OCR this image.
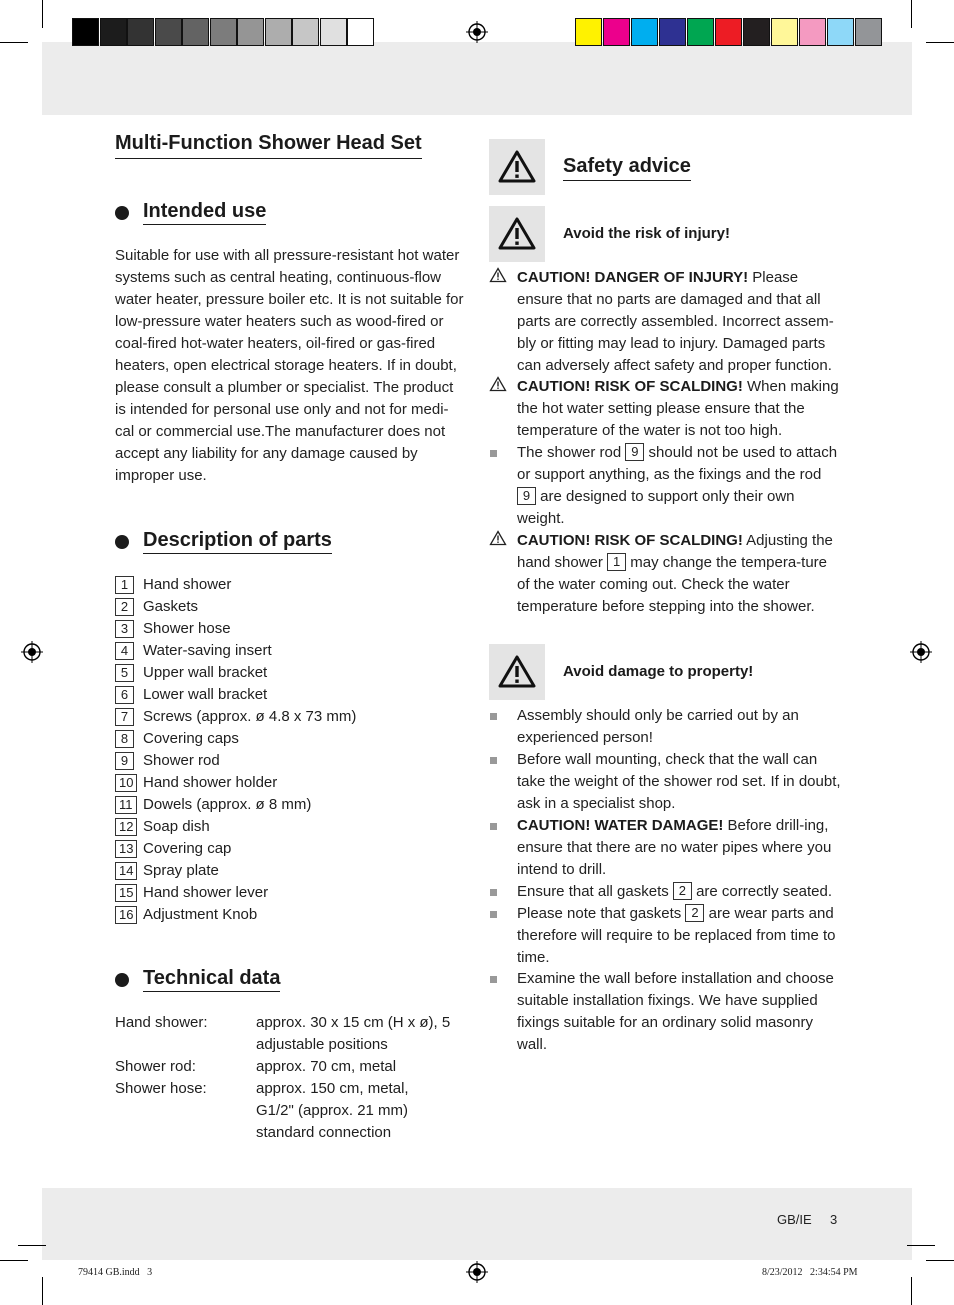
Multi-Function Shower Head Set
Intended use

Suitable for use with all pressure-resistant hot water systems such as central heating, continuous-flow water heater, pressure boiler etc. It is not suitable for low-pressure water heaters such as wood-fired or coal-fired hot-water heaters, oil-fired or gas-fired heaters, open electrical storage heaters. If in doubt, please consult a plumber or specialist. The product is intended for personal use only and not for medi-cal or commercial use.The manufacturer does not accept any liability for any damage caused by improper use.

Description of parts
1 Hand shower
2 Gaskets
3 Shower hose
4 Water-saving insert
5 Upper wall bracket
6 Lower wall bracket
7 Screws (approx. ø 4.8 x 73 mm)
8 Covering caps
9 Shower rod
10 Hand shower holder
11 Dowels (approx. ø 8 mm)
12 Soap dish
13 Covering cap
14 Spray plate
15 Hand shower lever
16 Adjustment Knob
Technical data
Hand shower:	approx. 30 x 15 cm (H x ø), 5 adjustable positions
Shower rod:	approx. 70 cm, metal
Shower hose:	approx. 150 cm, metal, G1/2" (approx. 21 mm) standard connection
Safety advice
Avoid the risk of injury!
CAUTION! DANGER OF INJURY! Please ensure that no parts are damaged and that all parts are correctly assembled. Incorrect assem-bly or fitting may lead to injury. Damaged parts can adversely affect safety and proper function.
CAUTION! RISK OF SCALDING! When making the hot water setting please ensure that the temperature of the water is not too high.
The shower rod 9 should not be used to attach or support anything, as the fixings and the rod 9 are designed to support only their own weight.
CAUTION! RISK OF SCALDING! Adjusting the hand shower 1 may change the tempera-ture of the water coming out. Check the water temperature before stepping into the shower.
Avoid damage to property!
Assembly should only be carried out by an experienced person!
Before wall mounting, check that the wall can take the weight of the shower rod set. If in doubt, ask in a specialist shop.
CAUTION! WATER DAMAGE! Before drill-ing, ensure that there are no water pipes where you intend to drill.
Ensure that all gaskets 2 are correctly seated.
Please note that gaskets 2 are wear parts and therefore will require to be replaced from time to time.
Examine the wall before installation and choose suitable installation fixings. We have supplied fixings suitable for an ordinary solid masonry wall.
GB/IE 3
79414 GB.indd   3	8/23/2012   2:34:54 PM
